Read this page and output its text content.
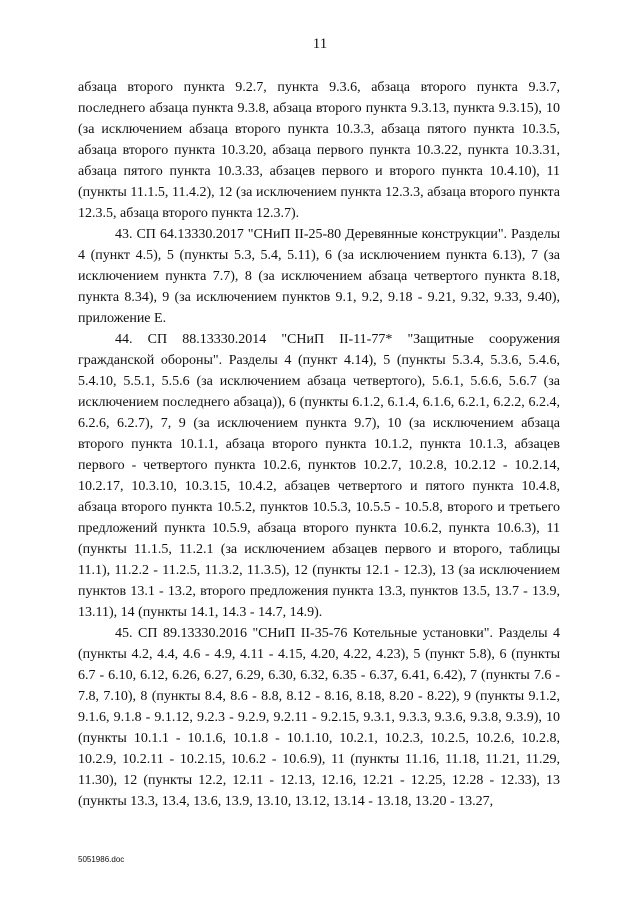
11

абзаца второго пункта 9.2.7, пункта 9.3.6, абзаца второго пункта 9.3.7, последнего абзаца пункта 9.3.8, абзаца второго пункта 9.3.13, пункта 9.3.15), 10 (за исключением абзаца второго пункта 10.3.3, абзаца пятого пункта 10.3.5, абзаца второго пункта 10.3.20, абзаца первого пункта 10.3.22, пункта 10.3.31, абзаца пятого пункта 10.3.33, абзацев первого и второго пункта 10.4.10), 11 (пункты 11.1.5, 11.4.2), 12 (за исключением пункта 12.3.3, абзаца второго пункта 12.3.5, абзаца второго пункта 12.3.7).

43. СП 64.13330.2017 "СНиП II-25-80 Деревянные конструкции". Разделы 4 (пункт 4.5), 5 (пункты 5.3, 5.4, 5.11), 6 (за исключением пункта 6.13), 7 (за исключением пункта 7.7), 8 (за исключением абзаца четвертого пункта 8.18, пункта 8.34), 9 (за исключением пунктов 9.1, 9.2, 9.18 - 9.21, 9.32, 9.33, 9.40), приложение Е.

44. СП 88.13330.2014 "СНиП II-11-77* "Защитные сооружения гражданской обороны". Разделы 4 (пункт 4.14), 5 (пункты 5.3.4, 5.3.6, 5.4.6, 5.4.10, 5.5.1, 5.5.6 (за исключением абзаца четвертого), 5.6.1, 5.6.6, 5.6.7 (за исключением последнего абзаца)), 6 (пункты 6.1.2, 6.1.4, 6.1.6, 6.2.1, 6.2.2, 6.2.4, 6.2.6, 6.2.7), 7, 9 (за исключением пункта 9.7), 10 (за исключением абзаца второго пункта 10.1.1, абзаца второго пункта 10.1.2, пункта 10.1.3, абзацев первого - четвертого пункта 10.2.6, пунктов 10.2.7, 10.2.8, 10.2.12 - 10.2.14, 10.2.17, 10.3.10, 10.3.15, 10.4.2, абзацев четвертого и пятого пункта 10.4.8, абзаца второго пункта 10.5.2, пунктов 10.5.3, 10.5.5 - 10.5.8, второго и третьего предложений пункта 10.5.9, абзаца второго пункта 10.6.2, пункта 10.6.3), 11 (пункты 11.1.5, 11.2.1 (за исключением абзацев первого и второго, таблицы 11.1), 11.2.2 - 11.2.5, 11.3.2, 11.3.5), 12 (пункты 12.1 - 12.3), 13 (за исключением пунктов 13.1 - 13.2, второго предложения пункта 13.3, пунктов 13.5, 13.7 - 13.9, 13.11), 14 (пункты 14.1, 14.3 - 14.7, 14.9).

45. СП 89.13330.2016 "СНиП II-35-76 Котельные установки". Разделы 4 (пункты 4.2, 4.4, 4.6 - 4.9, 4.11 - 4.15, 4.20, 4.22, 4.23), 5 (пункт 5.8), 6 (пункты 6.7 - 6.10, 6.12, 6.26, 6.27, 6.29, 6.30, 6.32, 6.35 - 6.37, 6.41, 6.42), 7 (пункты 7.6 - 7.8, 7.10), 8 (пункты 8.4, 8.6 - 8.8, 8.12 - 8.16, 8.18, 8.20 - 8.22), 9 (пункты 9.1.2, 9.1.6, 9.1.8 - 9.1.12, 9.2.3 - 9.2.9, 9.2.11 - 9.2.15, 9.3.1, 9.3.3, 9.3.6, 9.3.8, 9.3.9), 10 (пункты 10.1.1 - 10.1.6, 10.1.8 - 10.1.10, 10.2.1, 10.2.3, 10.2.5, 10.2.6, 10.2.8, 10.2.9, 10.2.11 - 10.2.15, 10.6.2 - 10.6.9), 11 (пункты 11.16, 11.18, 11.21, 11.29, 11.30), 12 (пункты 12.2, 12.11 - 12.13, 12.16, 12.21 - 12.25, 12.28 - 12.33), 13 (пункты 13.3, 13.4, 13.6, 13.9, 13.10, 13.12, 13.14 - 13.18, 13.20 - 13.27,

5051986.doc
